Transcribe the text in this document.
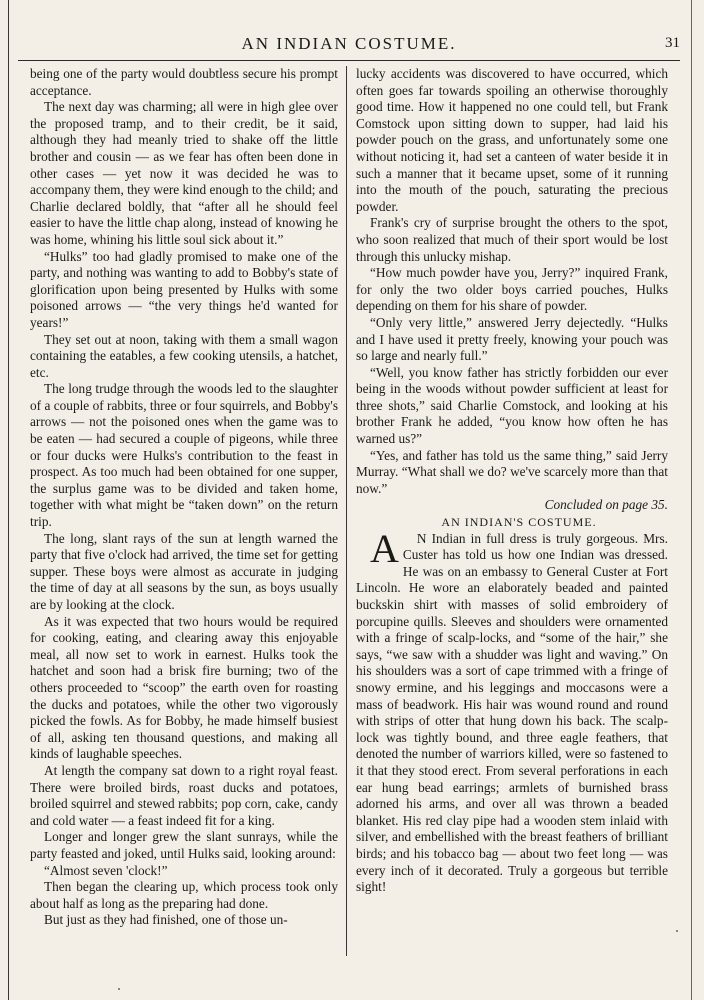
AN INDIAN COSTUME.	31

being one of the party would doubtless secure his prompt acceptance.

The next day was charming; all were in high glee over the proposed tramp, and to their credit, be it said, although they had meanly tried to shake off the little brother and cousin — as we fear has often been done in other cases — yet now it was decided he was to accompany them, they were kind enough to the child; and Charlie declared boldly, that “after all he should feel easier to have the little chap along, instead of knowing he was home, whining his little soul sick about it.”

“Hulks” too had gladly promised to make one of the party, and nothing was wanting to add to Bobby's state of glorification upon being presented by Hulks with some poisoned arrows — “the very things he'd wanted for years!”

They set out at noon, taking with them a small wagon containing the eatables, a few cooking utensils, a hatchet, etc.

The long trudge through the woods led to the slaughter of a couple of rabbits, three or four squirrels, and Bobby's arrows — not the poisoned ones when the game was to be eaten — had secured a couple of pigeons, while three or four ducks were Hulks's contribution to the feast in prospect. As too much had been obtained for one supper, the surplus game was to be divided and taken home, together with what might be “taken down” on the return trip.

The long, slant rays of the sun at length warned the party that five o'clock had arrived, the time set for getting supper. These boys were almost as accurate in judging the time of day at all seasons by the sun, as boys usually are by looking at the clock.

As it was expected that two hours would be required for cooking, eating, and clearing away this enjoyable meal, all now set to work in earnest. Hulks took the hatchet and soon had a brisk fire burning; two of the others proceeded to “scoop” the earth oven for roasting the ducks and potatoes, while the other two vigorously picked the fowls. As for Bobby, he made himself busiest of all, asking ten thousand questions, and making all kinds of laughable speeches.

At length the company sat down to a right royal feast. There were broiled birds, roast ducks and potatoes, broiled squirrel and stewed rabbits; pop corn, cake, candy and cold water — a feast indeed fit for a king.

Longer and longer grew the slant sunrays, while the party feasted and joked, until Hulks said, looking around:

“Almost seven 'clock!”

Then began the clearing up, which process took only about half as long as the preparing had done.

But just as they had finished, one of those un-

lucky accidents was discovered to have occurred, which often goes far towards spoiling an otherwise thoroughly good time. How it happened no one could tell, but Frank Comstock upon sitting down to supper, had laid his powder pouch on the grass, and unfortunately some one without noticing it, had set a canteen of water beside it in such a manner that it became upset, some of it running into the mouth of the pouch, saturating the precious powder.

Frank's cry of surprise brought the others to the spot, who soon realized that much of their sport would be lost through this unlucky mishap.

“How much powder have you, Jerry?” inquired Frank, for only the two older boys carried pouches, Hulks depending on them for his share of powder.

“Only very little,” answered Jerry dejectedly. “Hulks and I have used it pretty freely, knowing your pouch was so large and nearly full.”

“Well, you know father has strictly forbidden our ever being in the woods without powder sufficient at least for three shots,” said Charlie Comstock, and looking at his brother Frank he added, “you know how often he has warned us?”

“Yes, and father has told us the same thing,” said Jerry Murray. “What shall we do? we've scarcely more than that now.”

Concluded on page 35.

AN INDIAN'S COSTUME.

A N Indian in full dress is truly gorgeous. Mrs. Custer has told us how one Indian was dressed. He was on an embassy to General Custer at Fort Lincoln. He wore an elaborately beaded and painted buckskin shirt with masses of solid embroidery of porcupine quills. Sleeves and shoulders were ornamented with a fringe of scalp-locks, and “some of the hair,” she says, “we saw with a shudder was light and waving.” On his shoulders was a sort of cape trimmed with a fringe of snowy ermine, and his leggings and moccasons were a mass of beadwork. His hair was wound round and round with strips of otter that hung down his back. The scalp-lock was tightly bound, and three eagle feathers, that denoted the number of warriors killed, were so fastened to it that they stood erect. From several perforations in each ear hung bead earrings; armlets of burnished brass adorned his arms, and over all was thrown a beaded blanket. His red clay pipe had a wooden stem inlaid with silver, and embellished with the breast feathers of brilliant birds; and his tobacco bag — about two feet long — was every inch of it decorated. Truly a gorgeous but terrible sight!
